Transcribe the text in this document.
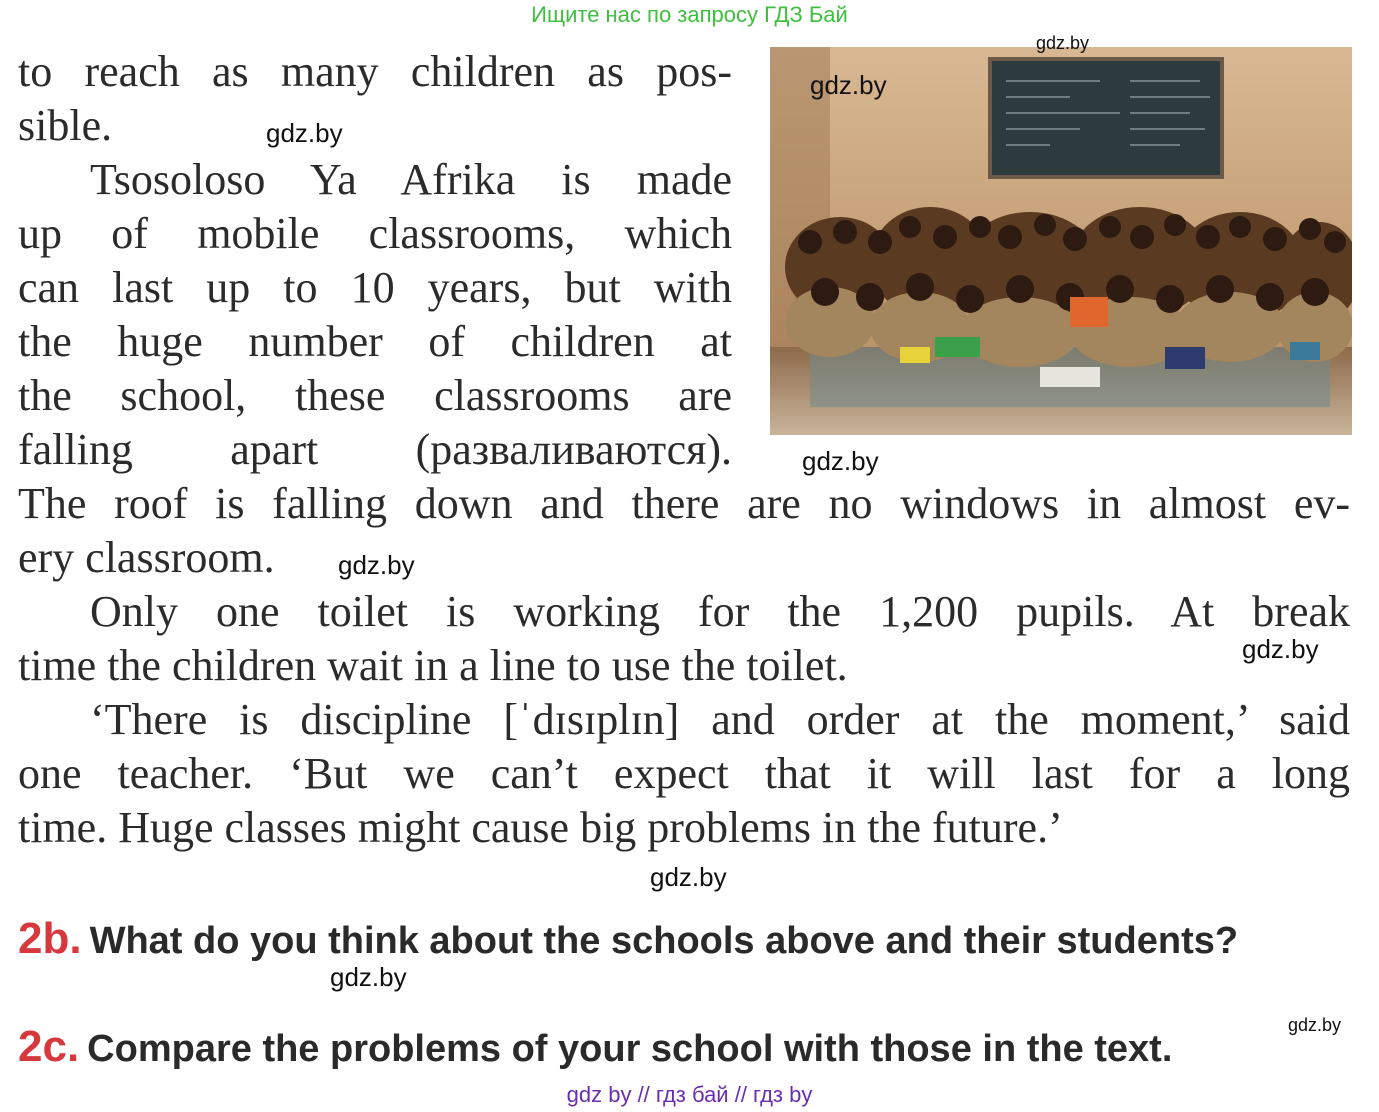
Ищите нас по запросу ГДЗ Бай
to reach as many children as pos-
sible.
Tsosoloso Ya Afrika is made
up of mobile classrooms, which
can last up to 10 years, but with
the huge number of children at
the school, these classrooms are
falling apart (разваливаются).
The roof is falling down and there are no windows in almost ev-
ery classroom.
Only one toilet is working for the 1,200 pupils. At break
time the children wait in a line to use the toilet.
‘There is discipline [ˈdɪsɪplɪn] and order at the moment,’ said
one teacher. ‘But we can’t expect that it will last for a long
time. Huge classes might cause big problems in the future.’
2b. What do you think about the schools above and their students?
2c. Compare the problems of your school with those in the text.
gdz.by
gdz.by
gdz.by
gdz.by
gdz.by
gdz.by
gdz.by
gdz.by
gdz.by
gdz by // гдз бай // гдз by
